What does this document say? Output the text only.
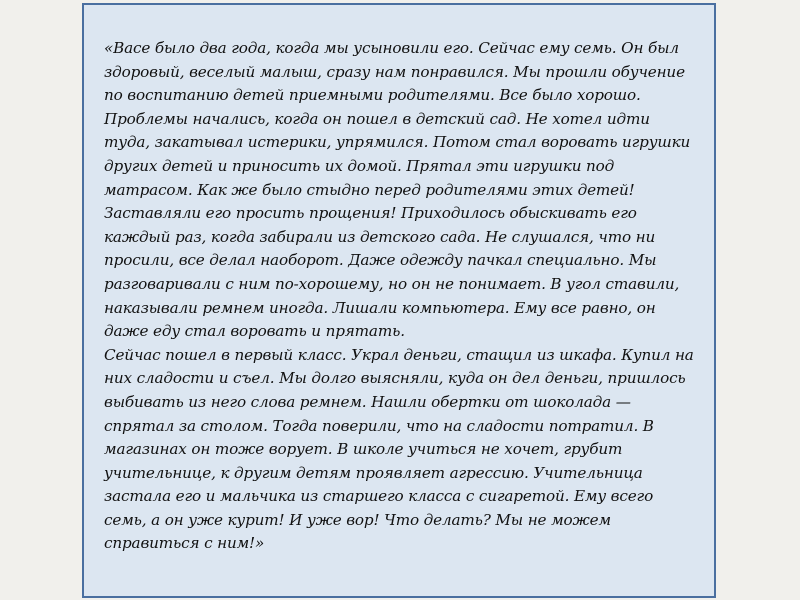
«Васе было два года, когда мы усыновили его. Сейчас ему семь. Он был здоровый, веселый малыш, сразу нам понравился. Мы прошли обучение по воспитанию детей приемными родителями. Все было хорошо. Проблемы начались, когда он пошел в детский сад. Не хотел идти туда, закатывал истерики, упрямился. Потом стал воровать игрушки других детей и приносить их домой. Прятал эти игрушки под матрасом. Как же было стыдно перед родителями этих детей! Заставляли его просить прощения! Приходилось обыскивать его каждый раз, когда забирали из детского сада. Не слушался, что ни просили, все делал наоборот. Даже одежду пачкал специально. Мы разговаривали с ним по-хорошему, но он не понимает. В угол ставили, наказывали ремнем иногда. Лишали компьютера. Ему все равно, он даже еду стал воровать и прятать.

Сейчас пошел в первый класс. Украл деньги, стащил из шкафа. Купил на них сладости и съел. Мы долго выясняли, куда он дел деньги, пришлось выбивать из него слова ремнем. Нашли обертки от шоколада — спрятал за столом. Тогда поверили, что на сладости потратил. В магазинах он тоже ворует. В школе учиться не хочет, грубит учительнице, к другим детям проявляет агрессию. Учительница застала его и мальчика из старшего класса с сигаретой. Ему всего семь, а он уже курит! И уже вор! Что делать? Мы не можем справиться с ним!»
